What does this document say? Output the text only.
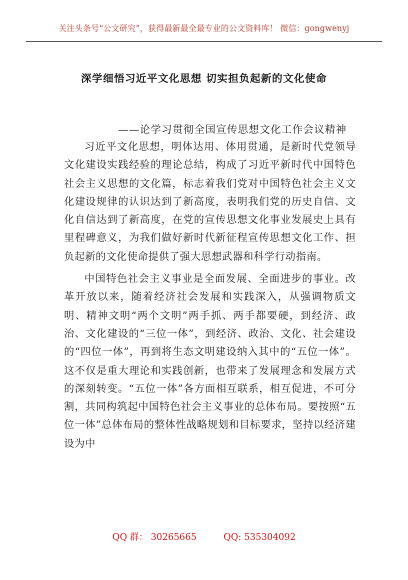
关注头条号“公文研究”，获得最新最全最专业的公文资料库！ 微信：gongwenyj
深学细悟习近平文化思想 切实担负起新的文化使命
——论学习贯彻全国宣传思想文化工作会议精神

习近平文化思想，明体达用、体用贯通，是新时代党领导文化建设实践经验的理论总结，构成了习近平新时代中国特色社会主义思想的文化篇，标志着我们党对中国特色社会主义文化建设规律的认识达到了新高度，表明我们党的历史自信、文化自信达到了新高度，在党的宣传思想文化事业发展史上具有里程碑意义，为我们做好新时代新征程宣传思想文化工作、担负起新的文化使命提供了强大思想武器和科学行动指南。

中国特色社会主义事业是全面发展、全面进步的事业。改革开放以来，随着经济社会发展和实践深入，从强调物质文明、精神文明“两个文明”两手抓、两手都要硬，到经济、政治、文化建设的“三位一体”，到经济、政治、文化、社会建设的“四位一体”，再到将生态文明建设纳入其中的“五位一体”。这不仅是重大理论和实践创新，也带来了发展理念和发展方式的深刻转变。“五位一体”各方面相互联系，相互促进，不可分割，共同构筑起中国特色社会主义事业的总体布局。要按照“五位一体”总体布局的整体性战略规划和目标要求，坚持以经济建设为中

QQ 群： 30265665	QQ: 535304092
